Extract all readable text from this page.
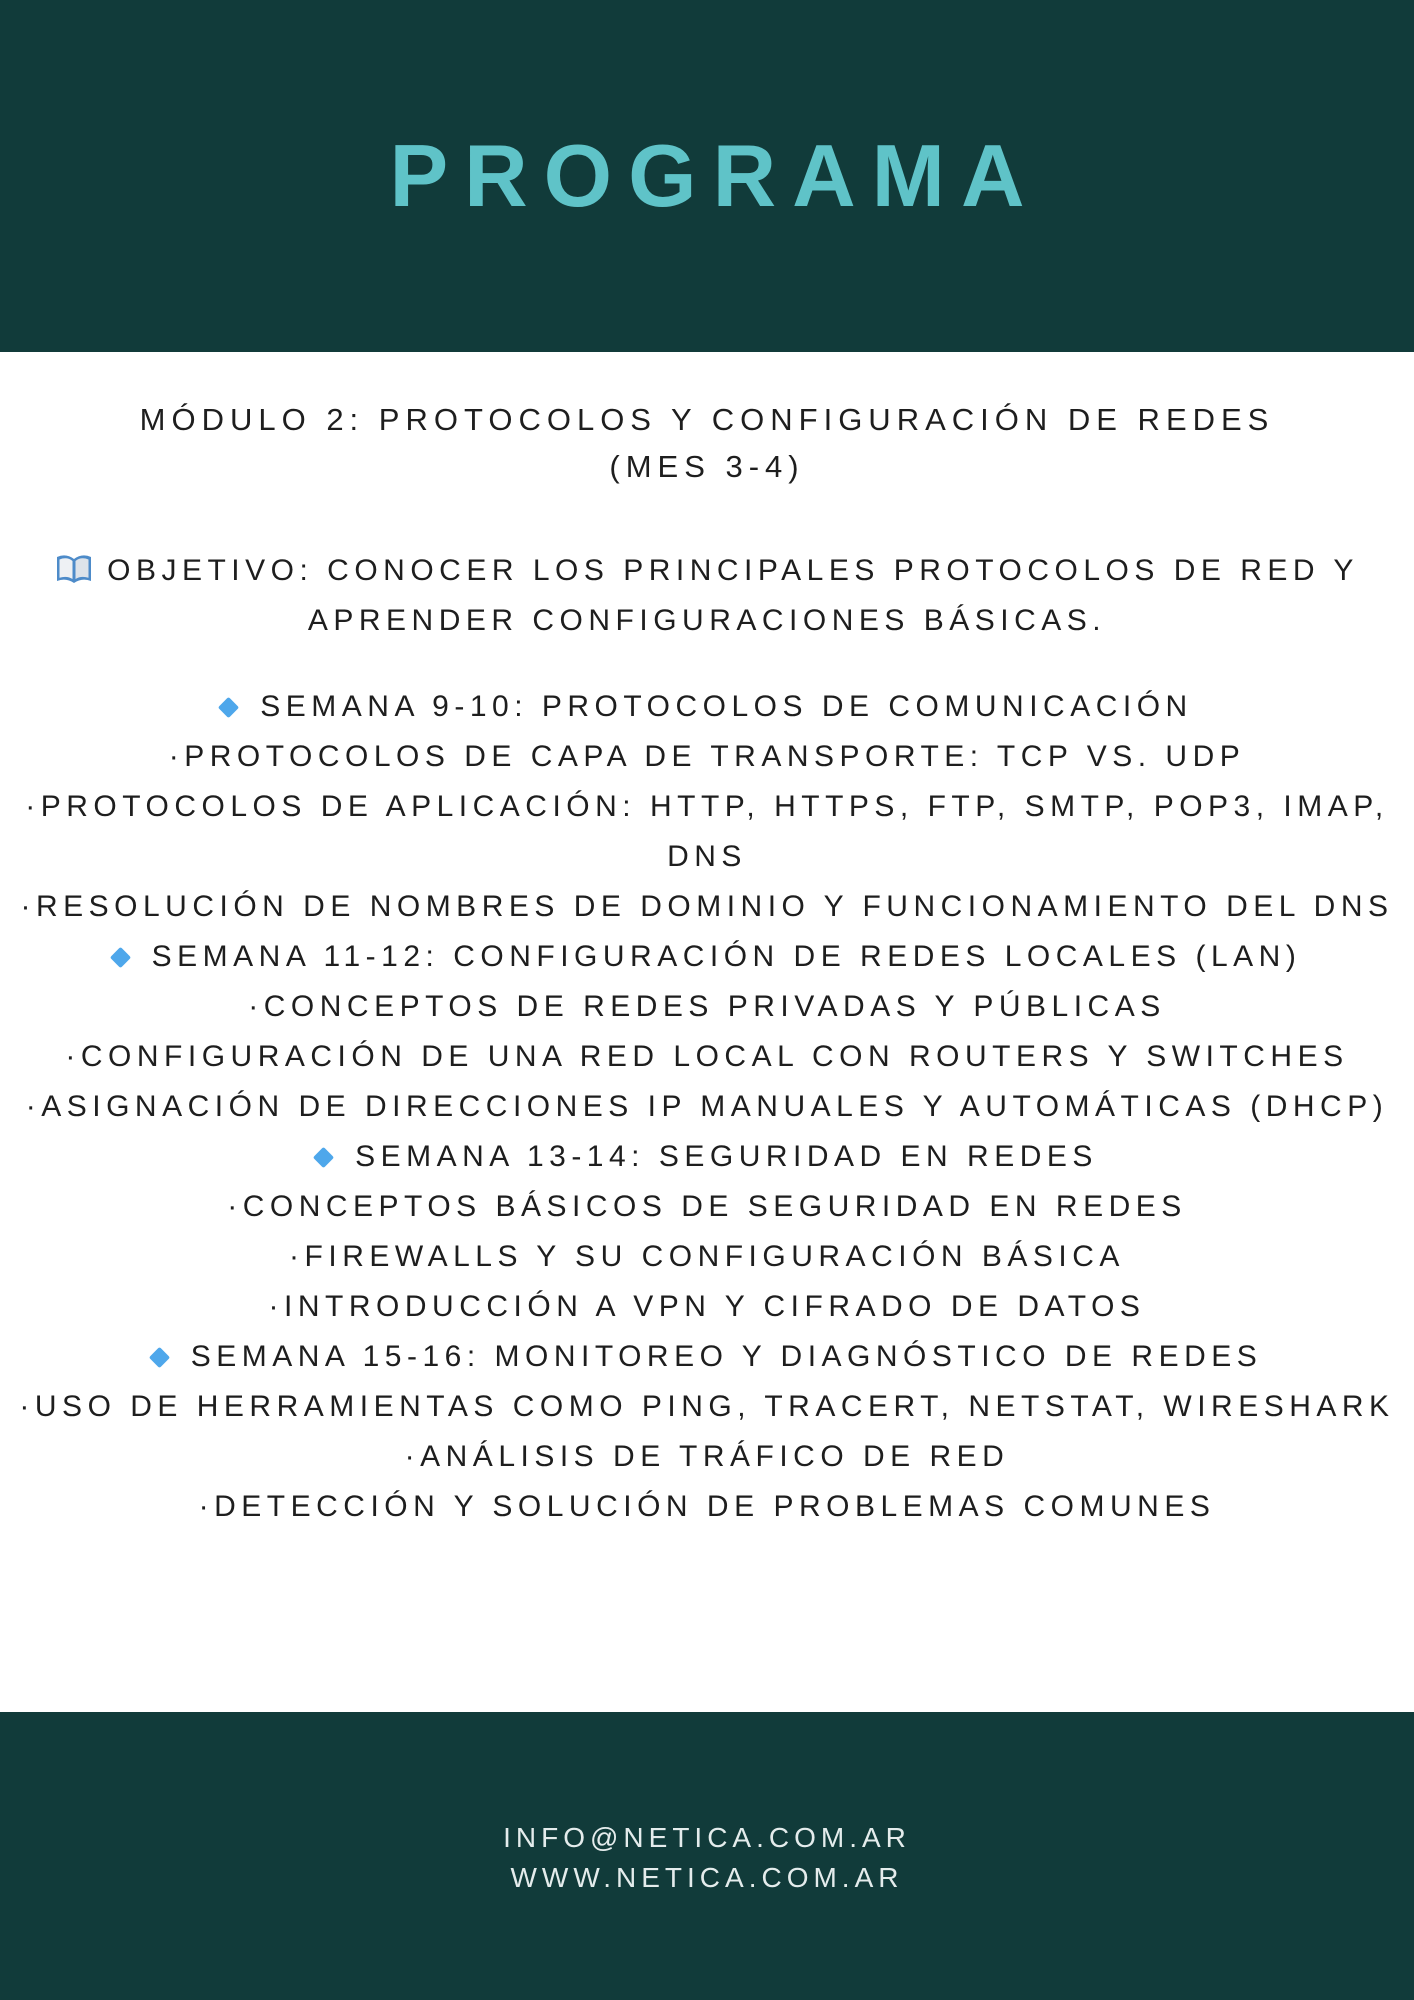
PROGRAMA

MÓDULO 2: PROTOCOLOS Y CONFIGURACIÓN DE REDES

(MES 3-4)

OBJETIVO: CONOCER LOS PRINCIPALES PROTOCOLOS DE RED Y
APRENDER CONFIGURACIONES BÁSICAS.

SEMANA 9-10: PROTOCOLOS DE COMUNICACIÓN

·PROTOCOLOS DE CAPA DE TRANSPORTE: TCP VS. UDP

·PROTOCOLOS DE APLICACIÓN: HTTP, HTTPS, FTP, SMTP, POP3, IMAP, DNS

·RESOLUCIÓN DE NOMBRES DE DOMINIO Y FUNCIONAMIENTO DEL DNS

SEMANA 11-12: CONFIGURACIÓN DE REDES LOCALES (LAN)

·CONCEPTOS DE REDES PRIVADAS Y PÚBLICAS

·CONFIGURACIÓN DE UNA RED LOCAL CON ROUTERS Y SWITCHES

·ASIGNACIÓN DE DIRECCIONES IP MANUALES Y AUTOMÁTICAS (DHCP)

SEMANA 13-14: SEGURIDAD EN REDES

·CONCEPTOS BÁSICOS DE SEGURIDAD EN REDES

·FIREWALLS Y SU CONFIGURACIÓN BÁSICA

·INTRODUCCIÓN A VPN Y CIFRADO DE DATOS

SEMANA 15-16: MONITOREO Y DIAGNÓSTICO DE REDES

·USO DE HERRAMIENTAS COMO PING, TRACERT, NETSTAT, WIRESHARK

·ANÁLISIS DE TRÁFICO DE RED

·DETECCIÓN Y SOLUCIÓN DE PROBLEMAS COMUNES

INFO@NETICA.COM.AR

WWW.NETICA.COM.AR
